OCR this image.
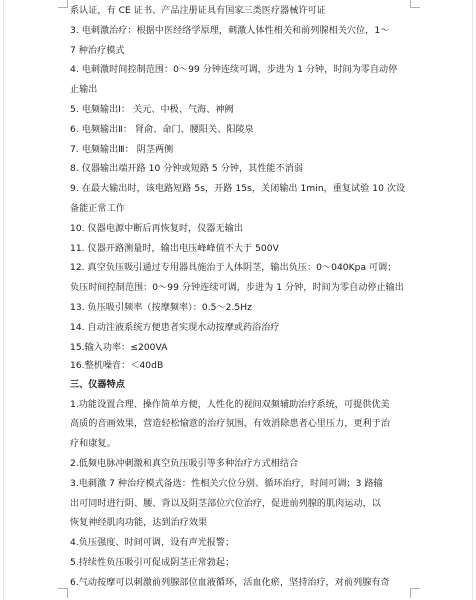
系认证，有 CE 证书、产品注册证具有国家三类医疗器械许可证
3. 电刺激治疗：根据中医经络学原理，刺激人体性相关和前列腺相关穴位，1～
7 种治疗模式
4. 电刺激时间控制范围：0～99 分钟连续可调，步进为 1 分钟，时间为零自动停
止输出
5. 电频输出Ⅰ： 关元、中极、气海、神阙
6. 电频输出Ⅱ： 肾俞、命门、腰阳关、阳陵泉
7. 电频输出Ⅲ： 阴茎两侧
8. 仪器输出端开路 10 分钟或短路 5 分钟，其性能不消弱
9. 在最大输出时，该电路短路 5s，开路 15s，关闭输出 1min，重复试验 10 次设
备能正常工作
10. 仪器电源中断后再恢复时，仪器无输出
11. 仪器开路测量时，输出电压峰峰值不大于 500V
12. 真空负压吸引通过专用器具施治于人体阴茎，输出负压：0～040Kpa 可调；
负压时间控制范围：0～99 分钟连续可调，步进为 1 分钟，时间为零自动停止输出
13. 负压吸引频率（按摩频率）：0.5～2.5Hz
14. 自动注液系统方便患者实现水动按摩或药浴治疗
15.输入功率：≤200VA
16.整机噪音：＜40dB
三、仪器特点
1.功能设置合理、操作简单方便，人性化的视间双频辅助治疗系统，可提供优美
高质的音画效果，营造轻松愉意的治疗氛围，有效消除患者心里压力，更利于治
疗和康复。
2.低频电脉冲刺激和真空负压吸引等多种治疗方式相结合
3.电刺激 7 种治疗模式备选：性相关穴位分别、循环治疗，时间可调；3 路输
出可同时进行阴、腰、背以及阴茎部位穴位治疗，促进前列腺的肌肉运动，以
恢复神经肌肉功能，达到治疗效果
4.负压强度、时间可调，设有声光报警；
5.持续性负压吸引可促成阴茎正常勃起；
6.气动按摩可以刺激前列腺部位血液循环，活血化瘀，坚持治疗，对前列腺有奇
